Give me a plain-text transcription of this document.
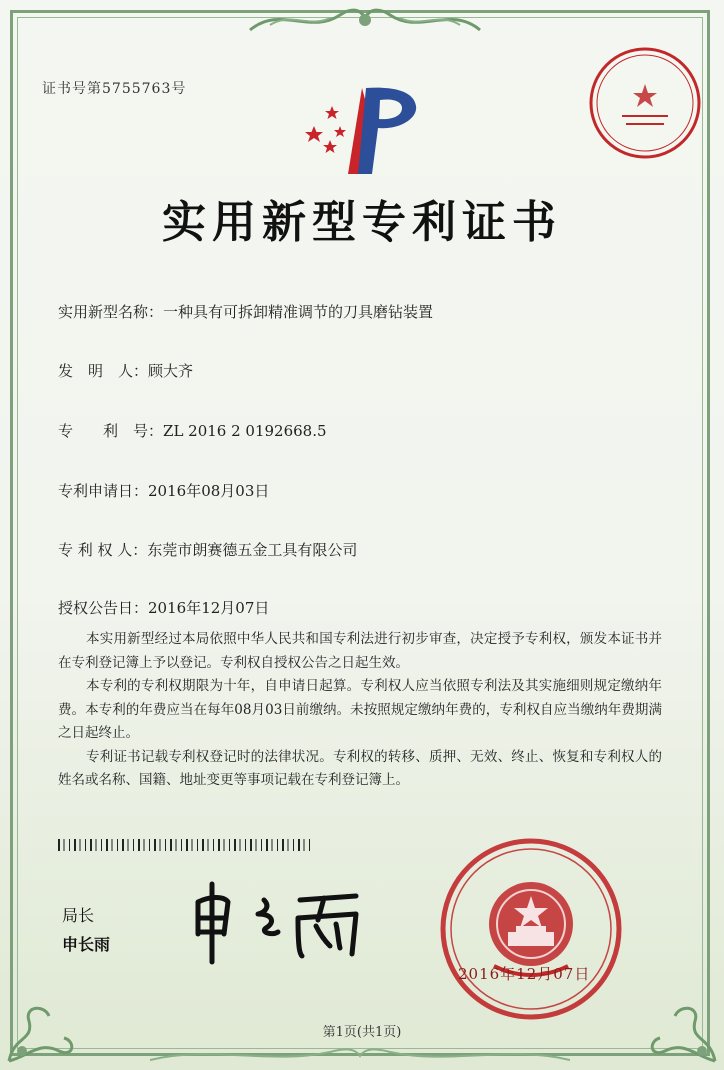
证书号第5755763号
实用新型专利证书
实用新型名称：一种具有可拆卸精准调节的刀具磨钻装置
发　明　人：顾大齐
专　　利　号：ZL 2016 2 0192668.5
专利申请日：2016年08月03日
专 利 权 人：东莞市朗赛德五金工具有限公司
授权公告日：2016年12月07日

本实用新型经过本局依照中华人民共和国专利法进行初步审查，决定授予专利权，颁发本证书并在专利登记簿上予以登记。专利权自授权公告之日起生效。

本专利的专利权期限为十年，自申请日起算。专利权人应当依照专利法及其实施细则规定缴纳年费。本专利的年费应当在每年08月03日前缴纳。未按照规定缴纳年费的，专利权自应当缴纳年费期满之日起终止。

专利证书记载专利权登记时的法律状况。专利权的转移、质押、无效、终止、恢复和专利权人的姓名或名称、国籍、地址变更等事项记载在专利登记簿上。

局长
申长雨
2016年12月07日
第1页(共1页)
